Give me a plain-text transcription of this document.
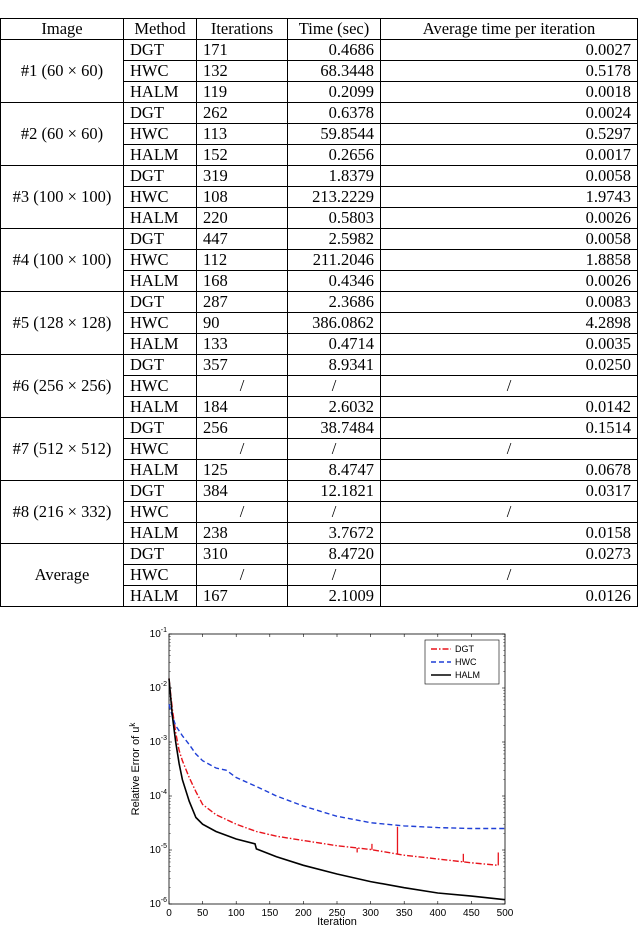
Image	Method	Iterations	Time (sec)	Average time per iteration
#1 (60 × 60)	DGT	171	0.4686	0.0027
	HWC	132	68.3448	0.5178
	HALM	119	0.2099	0.0018
#2 (60 × 60)	DGT	262	0.6378	0.0024
	HWC	113	59.8544	0.5297
	HALM	152	0.2656	0.0017
#3 (100 × 100)	DGT	319	1.8379	0.0058
	HWC	108	213.2229	1.9743
	HALM	220	0.5803	0.0026
#4 (100 × 100)	DGT	447	2.5982	0.0058
	HWC	112	211.2046	1.8858
	HALM	168	0.4346	0.0026
#5 (128 × 128)	DGT	287	2.3686	0.0083
	HWC	90	386.0862	4.2898
	HALM	133	0.4714	0.0035
#6 (256 × 256)	DGT	357	8.9341	0.0250
	HWC	/	/	/
	HALM	184	2.6032	0.0142
#7 (512 × 512)	DGT	256	38.7484	0.1514
	HWC	/	/	/
	HALM	125	8.4747	0.0678
#8 (216 × 332)	DGT	384	12.1821	0.0317
	HWC	/	/	/
	HALM	238	3.7672	0.0158
Average	DGT	310	8.4720	0.0273
	HWC	/	/	/
	HALM	167	2.1009	0.0126
0	50 100 150 200 250 300 350 400 450 500
$10^{-6}$
$10^{-5}$
$10^{-4}$
$10^{-3}$
$10^{-2}$
$10^{-1}$
Iteration
Relative Error of $u^k$
DGT
HWC
HALM
